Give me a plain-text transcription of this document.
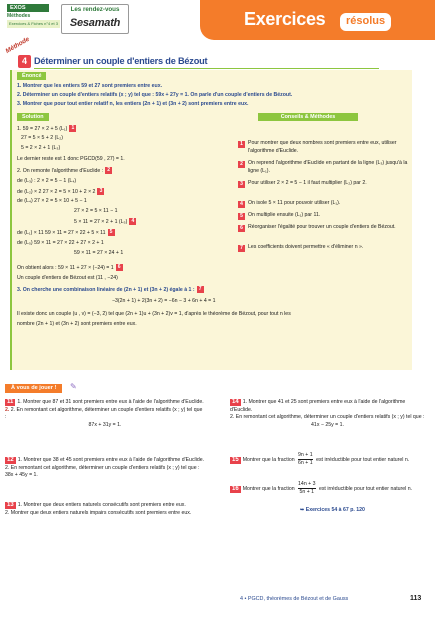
EXOS
Méthodes
Exercices & Fiches n°4 et 3
Les rendez-vous
Sesamath	Exercices	résolus
Méthode
4 Déterminer un couple d'entiers de Bézout
Énoncé
1. Montrer que les entiers 59 et 27 sont premiers entre eux.
2. Déterminer un couple d'entiers relatifs (x ; y) tel que : 59x + 27y = 1. On parle d'un couple d'entiers de Bézout.
3. Montrer que pour tout entier relatif n, les entiers (2n + 1) et (3n + 2) sont premiers entre eux.
Solution	Conseils & Méthodes
1. 59 = 27 × 2 + 5 (L₁) 1
27 = 5 × 5 + 2 (L₂)
5 = 2 × 2 + 1 (L₃)
Le dernier reste est 1 donc PGCD(59 , 27) = 1.
2. On remonte l'algorithme d'Euclide : 2
de (L₃) : 2 × 2 = 5 − 1 (L₄)
de (L₂) × 2 27 × 2 = 5 × 10 + 2 × 2 3
de (L₄) 27 × 2 = 5 × 10 + 5 − 1
27 × 2 = 5 × 11 − 1
5 × 11 = 27 × 2 + 1 (L₅) 4
de (L₁) × 11 59 × 11 = 27 × 22 + 5 × 11 5
de (L₅) 59 × 11 = 27 × 22 + 27 × 2 + 1
59 × 11 = 27 × 24 + 1
On obtient alors : 59 × 11 + 27 × (−24) = 1 6
Un couple d'entiers de Bézout est (11 , −24)
3. On cherche une combinaison linéaire de (2n + 1) et (3n + 2) égale à 1 : 7
−3(2n + 1) + 2(3n + 2) = −6n − 3 + 6n + 4 = 1
Il existe donc un couple (u , v) = (−3, 2) tel que (2n + 1)u + (3n + 2)v = 1, d'après le théorème de Bézout, pour tout n les
nombre (2n + 1) et (3n + 2) sont premiers entre eux.
1 Pour montrer que deux nombres sont premiers entre eux, utiliser l'algorithme d'Euclide.
2 On reprend l'algorithme d'Euclide en partant de la ligne (L₃) jusqu'à la ligne (L₁).
3 Pour utiliser 2 × 2 = 5 − 1 il faut multiplier (L₂) par 2.
4 On isole 5 × 11 pour pouvoir utiliser (L₁).
5 On multiplie ensuite (L₁) par 11.
6 Réorganiser l'égalité pour trouver un couple d'entiers de Bézout.
7 Les coefficients doivent permettre « d'éliminer n ».
À vous de jouer !	✎
11 1. Montrer que 87 et 31 sont premiers entre eux à l'aide de l'algorithme d'Euclide.
2. 2. En remontant cet algorithme, déterminer un couple d'entiers relatifs (x ; y) tel que :

87x + 31y = 1.
12 1. Montrer que 38 et 45 sont premiers entre eux à l'aide de l'algorithme d'Euclide.
2. En remontant cet algorithme, déterminer un couple d'entiers relatifs (x ; y) tel que : 38x + 45y = 1.
13 1. Montrer que deux entiers naturels consécutifs sont premiers entre eux.
2. Montrer que deux entiers naturels impairs consécutifs sont premiers entre eux.
14 1. Montrer que 41 et 25 sont premiers entre eux à l'aide de l'algorithme d'Euclide.
2. En remontant cet algorithme, déterminer un couple d'entiers relatifs (x ; y) tel que :

41x − 25y = 1.
15 Montrer que la fraction $\frac{9n + 1}{6n + 1}$ est irréductible pour tout entier naturel n.
16 Montrer que la fraction $\frac{14n + 3}{5n + 1}$ est irréductible pour tout entier naturel n.
➥ Exercices 54 à 67 p. 120
4 • PGCD, théorèmes de Bézout et de Gauss	113
